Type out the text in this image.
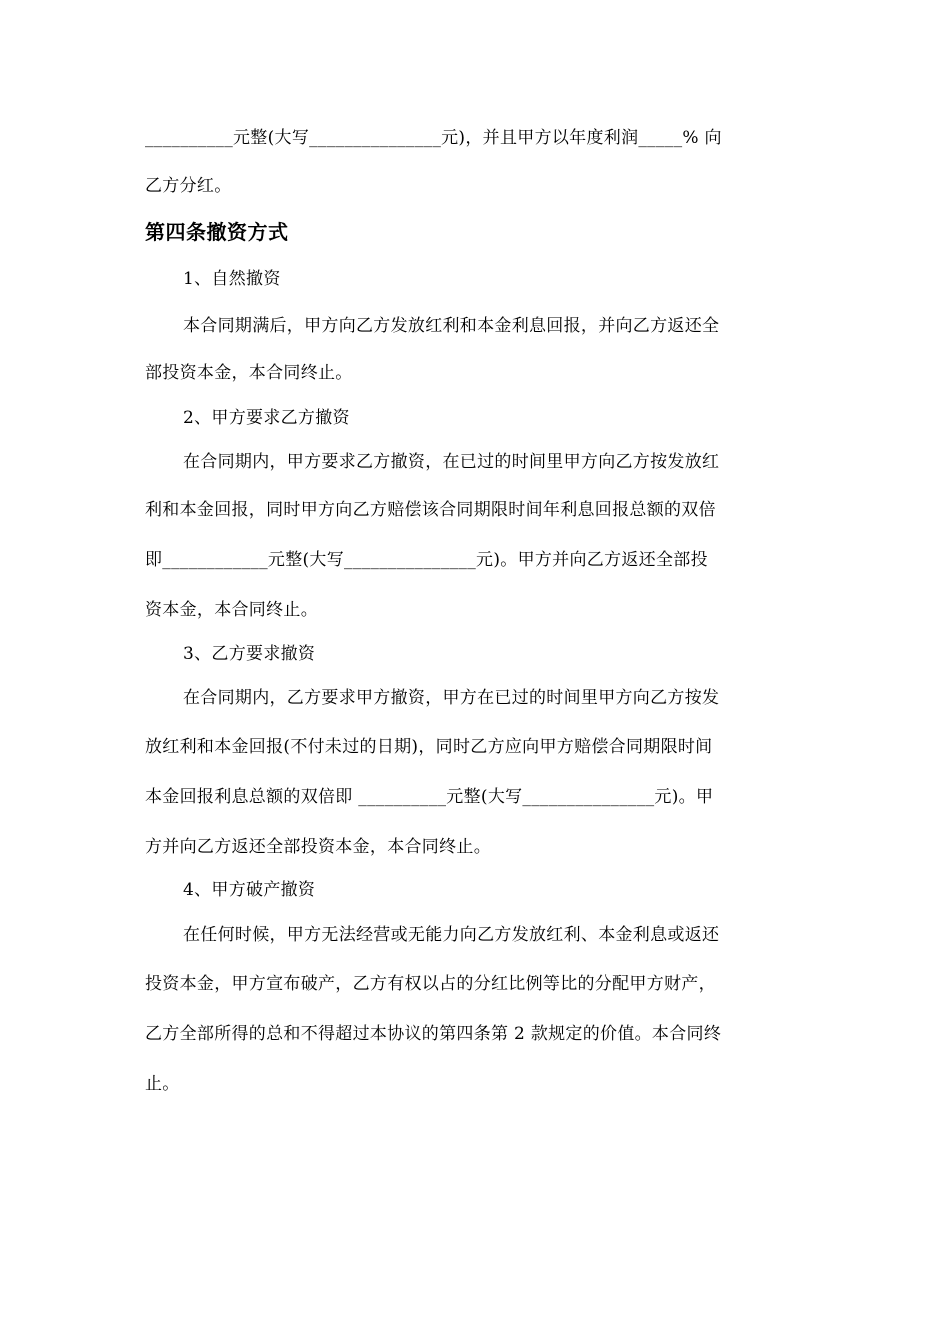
__________元整(大写_______________元)，并且甲方以年度利润_____% 向
乙方分红。
第四条撤资方式
1、自然撤资
本合同期满后，甲方向乙方发放红利和本金利息回报，并向乙方返还全
部投资本金，本合同终止。
2、甲方要求乙方撤资
在合同期内，甲方要求乙方撤资，在已过的时间里甲方向乙方按发放红
利和本金回报，同时甲方向乙方赔偿该合同期限时间年利息回报总额的双倍
即____________元整(大写_______________元)。甲方并向乙方返还全部投
资本金，本合同终止。
3、乙方要求撤资
在合同期内，乙方要求甲方撤资，甲方在已过的时间里甲方向乙方按发
放红利和本金回报(不付未过的日期)，同时乙方应向甲方赔偿合同期限时间
本金回报利息总额的双倍即 __________元整(大写_______________元)。甲
方并向乙方返还全部投资本金，本合同终止。
4、甲方破产撤资
在任何时候，甲方无法经营或无能力向乙方发放红利、本金利息或返还
投资本金，甲方宣布破产，乙方有权以占的分红比例等比的分配甲方财产，
乙方全部所得的总和不得超过本协议的第四条第 2 款规定的价值。本合同终
止。
